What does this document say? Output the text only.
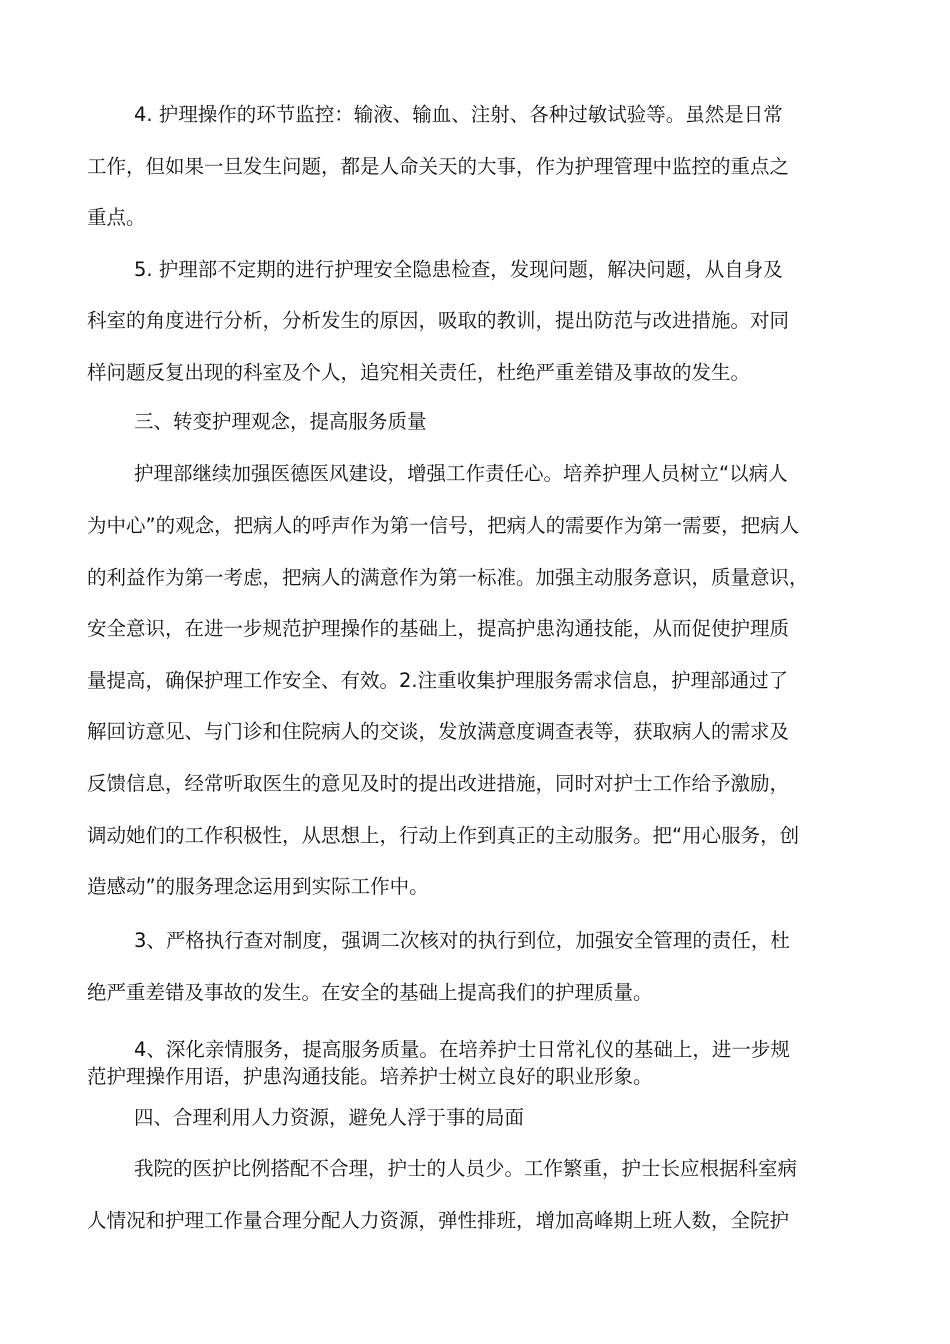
4. 护理操作的环节监控：输液、输血、注射、各种过敏试验等。虽然是日常
工作，但如果一旦发生问题，都是人命关天的大事，作为护理管理中监控的重点之
重点。
5. 护理部不定期的进行护理安全隐患检查，发现问题，解决问题，从自身及
科室的角度进行分析，分析发生的原因，吸取的教训，提出防范与改进措施。对同
样问题反复出现的科室及个人，追究相关责任，杜绝严重差错及事故的发生。
三、转变护理观念，提高服务质量
护理部继续加强医德医风建设，增强工作责任心。培养护理人员树立“以病人
为中心”的观念，把病人的呼声作为第一信号，把病人的需要作为第一需要，把病人
的利益作为第一考虑，把病人的满意作为第一标准。加强主动服务意识，质量意识，
安全意识，在进一步规范护理操作的基础上，提高护患沟通技能，从而促使护理质
量提高，确保护理工作安全、有效。2.注重收集护理服务需求信息，护理部通过了
解回访意见、与门诊和住院病人的交谈，发放满意度调查表等，获取病人的需求及
反馈信息，经常听取医生的意见及时的提出改进措施，同时对护士工作给予激励，
调动她们的工作积极性，从思想上，行动上作到真正的主动服务。把“用心服务，创
造感动”的服务理念运用到实际工作中。
3、严格执行查对制度，强调二次核对的执行到位，加强安全管理的责任，杜
绝严重差错及事故的发生。在安全的基础上提高我们的护理质量。
4、深化亲情服务，提高服务质量。在培养护士日常礼仪的基础上，进一步规
范护理操作用语，护患沟通技能。培养护士树立良好的职业形象。
四、合理利用人力资源，避免人浮于事的局面
我院的医护比例搭配不合理，护士的人员少。工作繁重，护士长应根据科室病
人情况和护理工作量合理分配人力资源，弹性排班，增加高峰期上班人数，全院护
